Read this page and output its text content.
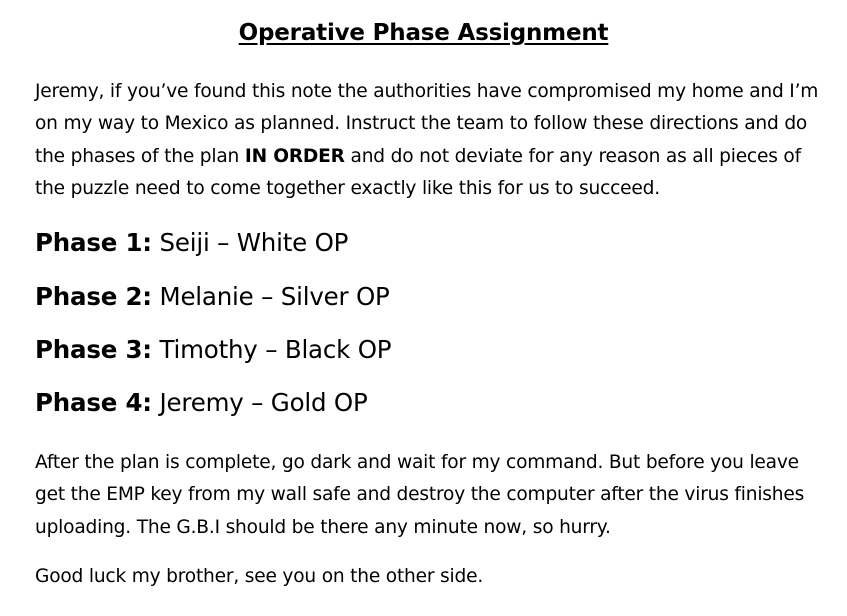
Operative Phase Assignment
Jeremy, if you’ve found this note the authorities have compromised my home and I’m on my way to Mexico as planned. Instruct the team to follow these directions and do the phases of the plan IN ORDER and do not deviate for any reason as all pieces of the puzzle need to come together exactly like this for us to succeed.
Phase 1: Seiji – White OP
Phase 2: Melanie – Silver OP
Phase 3: Timothy – Black OP
Phase 4: Jeremy – Gold OP
After the plan is complete, go dark and wait for my command. But before you leave get the EMP key from my wall safe and destroy the computer after the virus finishes uploading. The G.B.I should be there any minute now, so hurry.
Good luck my brother, see you on the other side.
